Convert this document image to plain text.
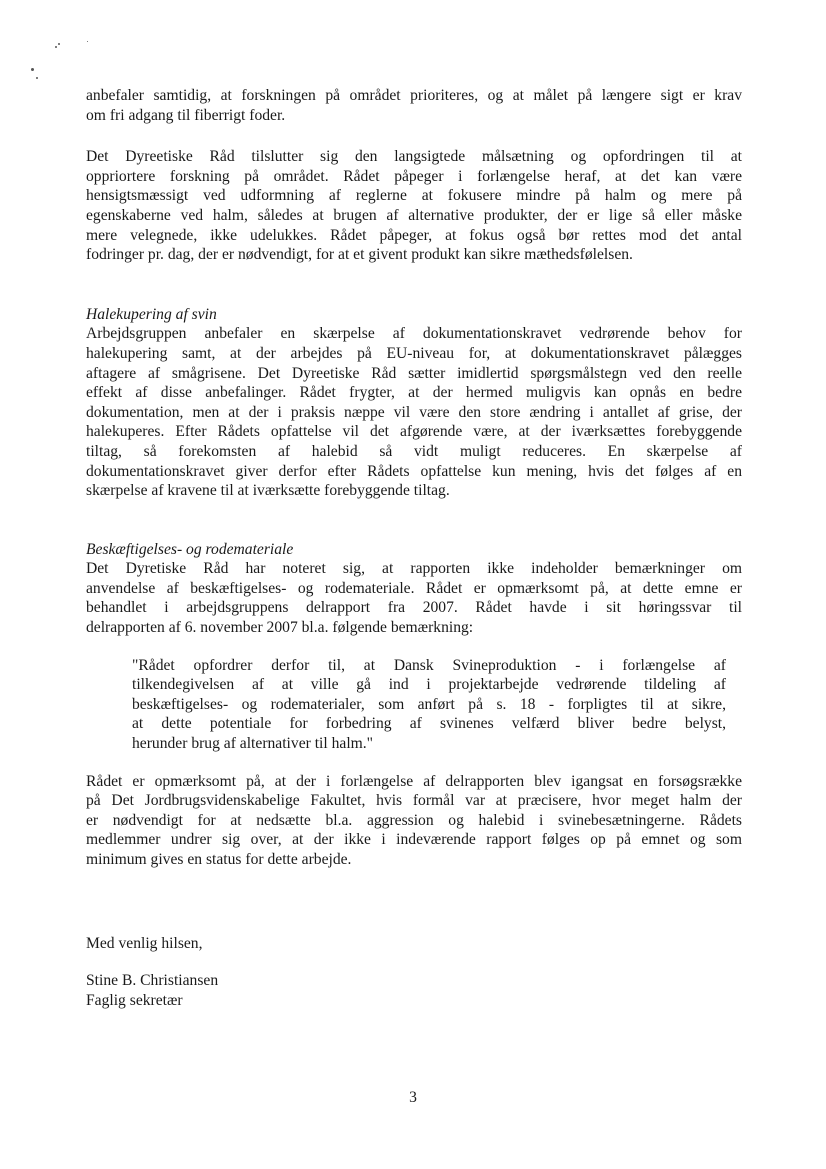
anbefaler samtidig, at forskningen på området prioriteres, og at målet på længere sigt er krav
om fri adgang til fiberrigt foder.
Det Dyreetiske Råd tilslutter sig den langsigtede målsætning og opfordringen til at
oppriortere forskning på området. Rådet påpeger i forlængelse heraf, at det kan være
hensigtsmæssigt ved udformning af reglerne at fokusere mindre på halm og mere på
egenskaberne ved halm, således at brugen af alternative produkter, der er lige så eller måske
mere velegnede, ikke udelukkes. Rådet påpeger, at fokus også bør rettes mod det antal
fodringer pr. dag, der er nødvendigt, for at et givent produkt kan sikre mæthedsfølelsen.

Halekupering af svin

Arbejdsgruppen anbefaler en skærpelse af dokumentationskravet vedrørende behov for
halekupering samt, at der arbejdes på EU-niveau for, at dokumentationskravet pålægges
aftagere af smågrisene. Det Dyreetiske Råd sætter imidlertid spørgsmålstegn ved den reelle
effekt af disse anbefalinger. Rådet frygter, at der hermed muligvis kan opnås en bedre
dokumentation, men at der i praksis næppe vil være den store ændring i antallet af grise, der
halekuperes. Efter Rådets opfattelse vil det afgørende være, at der iværksættes forebyggende
tiltag, så forekomsten af halebid så vidt muligt reduceres. En skærpelse af
dokumentationskravet giver derfor efter Rådets opfattelse kun mening, hvis det følges af en
skærpelse af kravene til at iværksætte forebyggende tiltag.

Beskæftigelses- og rodemateriale

Det Dyretiske Råd har noteret sig, at rapporten ikke indeholder bemærkninger om
anvendelse af beskæftigelses- og rodemateriale. Rådet er opmærksomt på, at dette emne er
behandlet i arbejdsgruppens delrapport fra 2007. Rådet havde i sit høringssvar til
delrapporten af 6. november 2007 bl.a. følgende bemærkning:
"Rådet opfordrer derfor til, at Dansk Svineproduktion - i forlængelse af
tilkendegivelsen af at ville gå ind i projektarbejde vedrørende tildeling af
beskæftigelses- og rodematerialer, som anført på s. 18 - forpligtes til at sikre,
at dette potentiale for forbedring af svinenes velfærd bliver bedre belyst,
herunder brug af alternativer til halm."
Rådet er opmærksomt på, at der i forlængelse af delrapporten blev igangsat en forsøgsrække
på Det Jordbrugsvidenskabelige Fakultet, hvis formål var at præcisere, hvor meget halm der
er nødvendigt for at nedsætte bl.a. aggression og halebid i svinebesætningerne. Rådets
medlemmer undrer sig over, at der ikke i indeværende rapport følges op på emnet og som
minimum gives en status for dette arbejde.

Med venlig hilsen,

Stine B. Christiansen

Faglig sekretær

3
